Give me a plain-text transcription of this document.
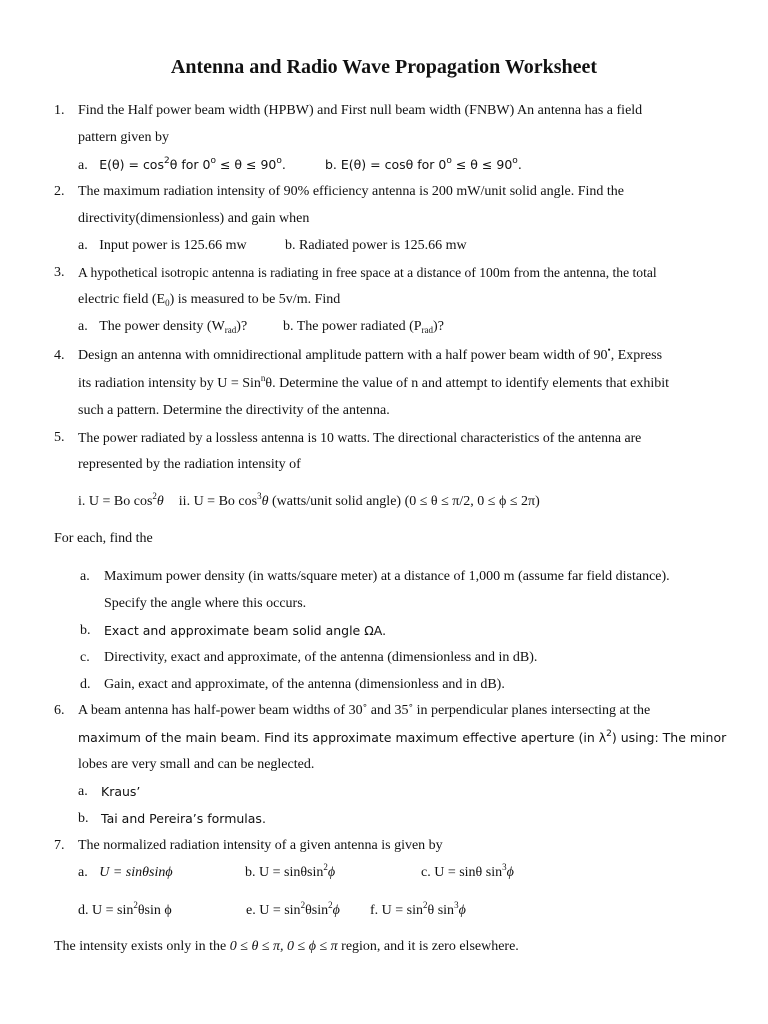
Antenna and Radio Wave Propagation Worksheet
1. Find the Half power beam width (HPBW) and First null beam width (FNBW) An antenna has a field
pattern given by
a. $E(\theta) = \cos^2\theta$ for $0^o \le \theta \le 90^o$.	b. E(θ) = cosθ for $0^o \le \theta \le 90^o$.
2. The maximum radiation intensity of 90% efficiency antenna is 200 mW/unit solid angle. Find the
directivity(dimensionless) and gain when
a. Input power is 125.66 mw	b. Radiated power is 125.66 mw
3. A hypothetical isotropic antenna is radiating in free space at a distance of 100m from the antenna, the total
electric field $(E_0)$ is measured to be 5v/m. Find
a. The power density $(W_{rad})$?	b. The power radiated $(P_{rad})$?
4. Design an antenna with omnidirectional amplitude pattern with a half power beam width of 90•, Express
its radiation intensity by U = Sin$^n$θ. Determine the value of n and attempt to identify elements that exhibit
such a pattern. Determine the directivity of the antenna.
5. The power radiated by a lossless antenna is 10 watts. The directional characteristics of the antenna are
represented by the radiation intensity of
i. U = Bo $\cos^2\theta$ ii. U = Bo $\cos^3\theta$ (watts/unit solid angle) (0 ≤ θ ≤ π/2, 0 ≤ ϕ ≤ 2π)
For each, find the
a. Maximum power density (in watts/square meter) at a distance of 1,000 m (assume far field distance).
Specify the angle where this occurs.
b. Exact and approximate beam solid angle ΩA.
c. Directivity, exact and approximate, of the antenna (dimensionless and in dB).
d. Gain, exact and approximate, of the antenna (dimensionless and in dB).
6. A beam antenna has half-power beam widths of 30˚ and 35˚ in perpendicular planes intersecting at the
maximum of the main beam. Find its approximate maximum effective aperture (in $\lambda^2$) using: The minor
lobes are very small and can be neglected.
a. Kraus’
b. Tai and Pereira’s formulas.
7. The normalized radiation intensity of a given antenna is given by
a. U = sinθsinϕ	b. U = sinθsin$^2$ϕ	c. U = sinθ $\sin^3\phi$
d. $U = \sin^2\theta\sin$ ϕ	e. $U = \sin^2\theta\sin^2\phi$ f. $U = \sin^2\theta$ $\sin^3\phi$
The intensity exists only in the 0 ≤ θ ≤ π, 0 ≤ ϕ ≤ π region, and it is zero elsewhere.
